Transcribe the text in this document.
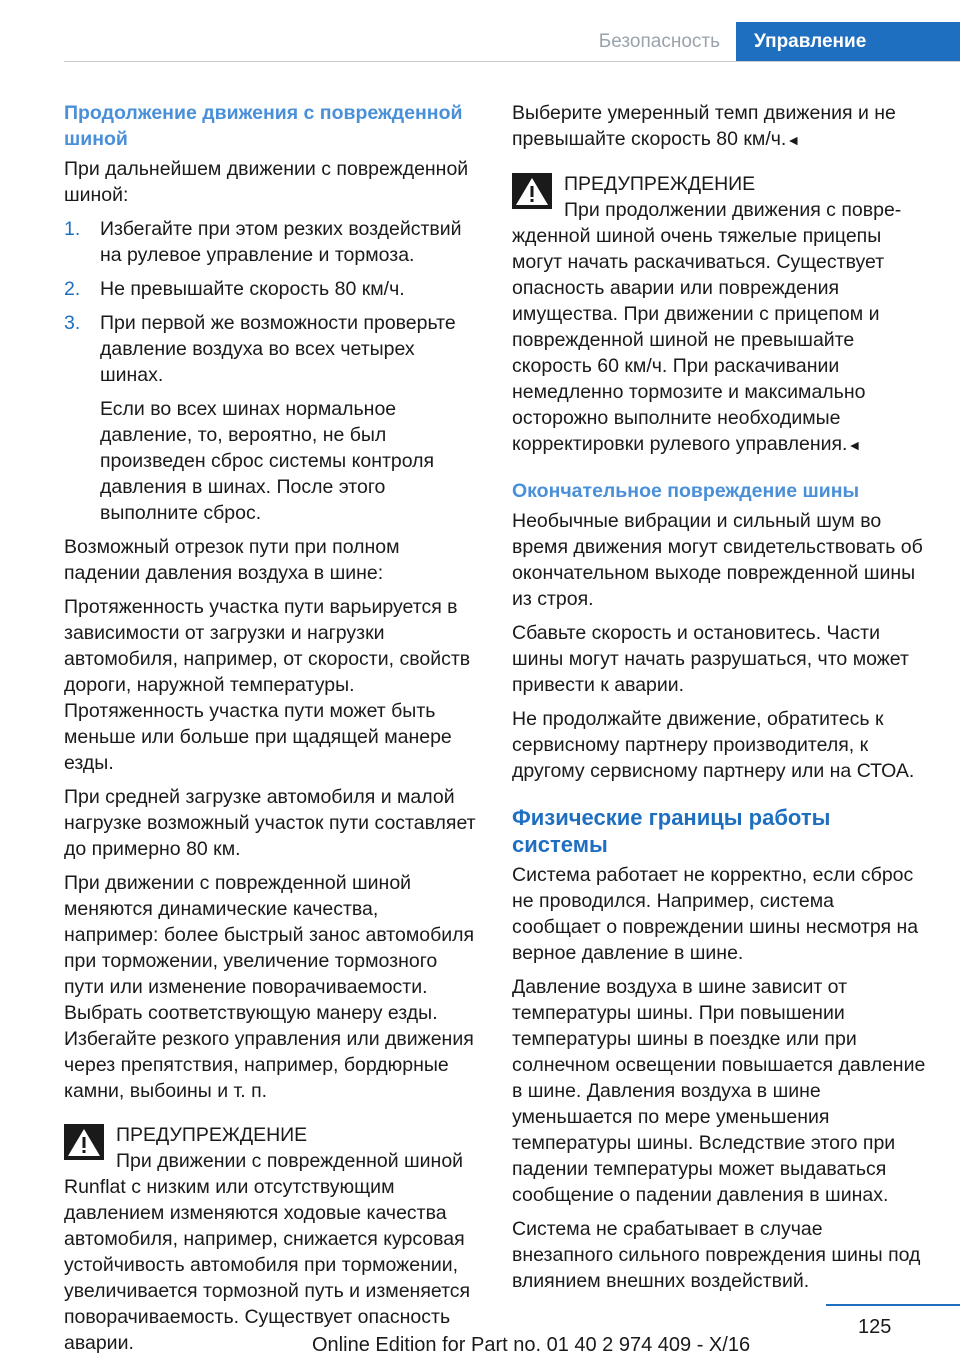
Безопасность	Управление
Продолжение движения с поврежденной шиной

При дальнейшем движении с поврежденной шиной:

1. Избегайте при этом резких воздействий на рулевое управление и тормоза.
2. Не превышайте скорость 80 км/ч.
3. При первой же возможности проверьте давление воздуха во всех четырех шинах.
Если во всех шинах нормальное давление, то, вероятно, не был произведен сброс системы контроля давления в шинах. После этого выполните сброс.

Возможный отрезок пути при полном падении давления воздуха в шине:

Протяженность участка пути варьируется в зависимости от загрузки и нагрузки автомобиля, например, от скорости, свойств дороги, наружной температуры. Протяженность участка пути может быть меньше или больше при щадящей манере езды.

При средней загрузке автомобиля и малой нагрузке возможный участок пути составляет до примерно 80 км.

При движении с поврежденной шиной меняются динамические качества, например: более быстрый занос автомобиля при торможении, увеличение тормозного пути или изменение поворачиваемости. Выбрать соответствующую манеру езды. Избегайте резкого управления или движения через препятствия, например, бордюрные камни, выбоины и т. п.

ПРЕДУПРЕЖДЕНИЕ
При движении с поврежденной шиной
Runflat с низким или отсутствующим давлением изменяются ходовые качества автомобиля, например, снижается курсовая устойчивость автомобиля при торможении, увеличивается тормозной путь и изменяется поворачиваемость. Существует опасность аварии.

Выберите умеренный темп движения и не превышайте скорость 80 км/ч.◄

ПРЕДУПРЕЖДЕНИЕ
При продолжении движения с повре-
жденной шиной очень тяжелые прицепы могут начать раскачиваться. Существует опасность аварии или повреждения имущества. При движении с прицепом и поврежденной шиной не превышайте скорость 60 км/ч. При раскачивании немедленно тормозите и максимально осторожно выполните необходимые корректировки рулевого управления.◄
Окончательное повреждение шины

Необычные вибрации и сильный шум во время движения могут свидетельствовать об окончательном выходе поврежденной шины из строя.

Сбавьте скорость и остановитесь. Части шины могут начать разрушаться, что может привести к аварии.

Не продолжайте движение, обратитесь к сервисному партнеру производителя, к другому сервисному партнеру или на СТОА.

Физические границы работы системы

Система работает не корректно, если сброс не проводился. Например, система сообщает о повреждении шины несмотря на верное давление в шине.

Давление воздуха в шине зависит от температуры шины. При повышении температуры шины в поездке или при солнечном освещении повышается давление в шине. Давления воздуха в шине уменьшается по мере уменьшения температуры шины. Вследствие этого при падении температуры может выдаваться сообщение о падении давления в шинах.

Система не срабатывает в случае внезапного сильного повреждения шины под влиянием внешних воздействий.

125
Online Edition for Part no. 01 40 2 974 409 - X/16
